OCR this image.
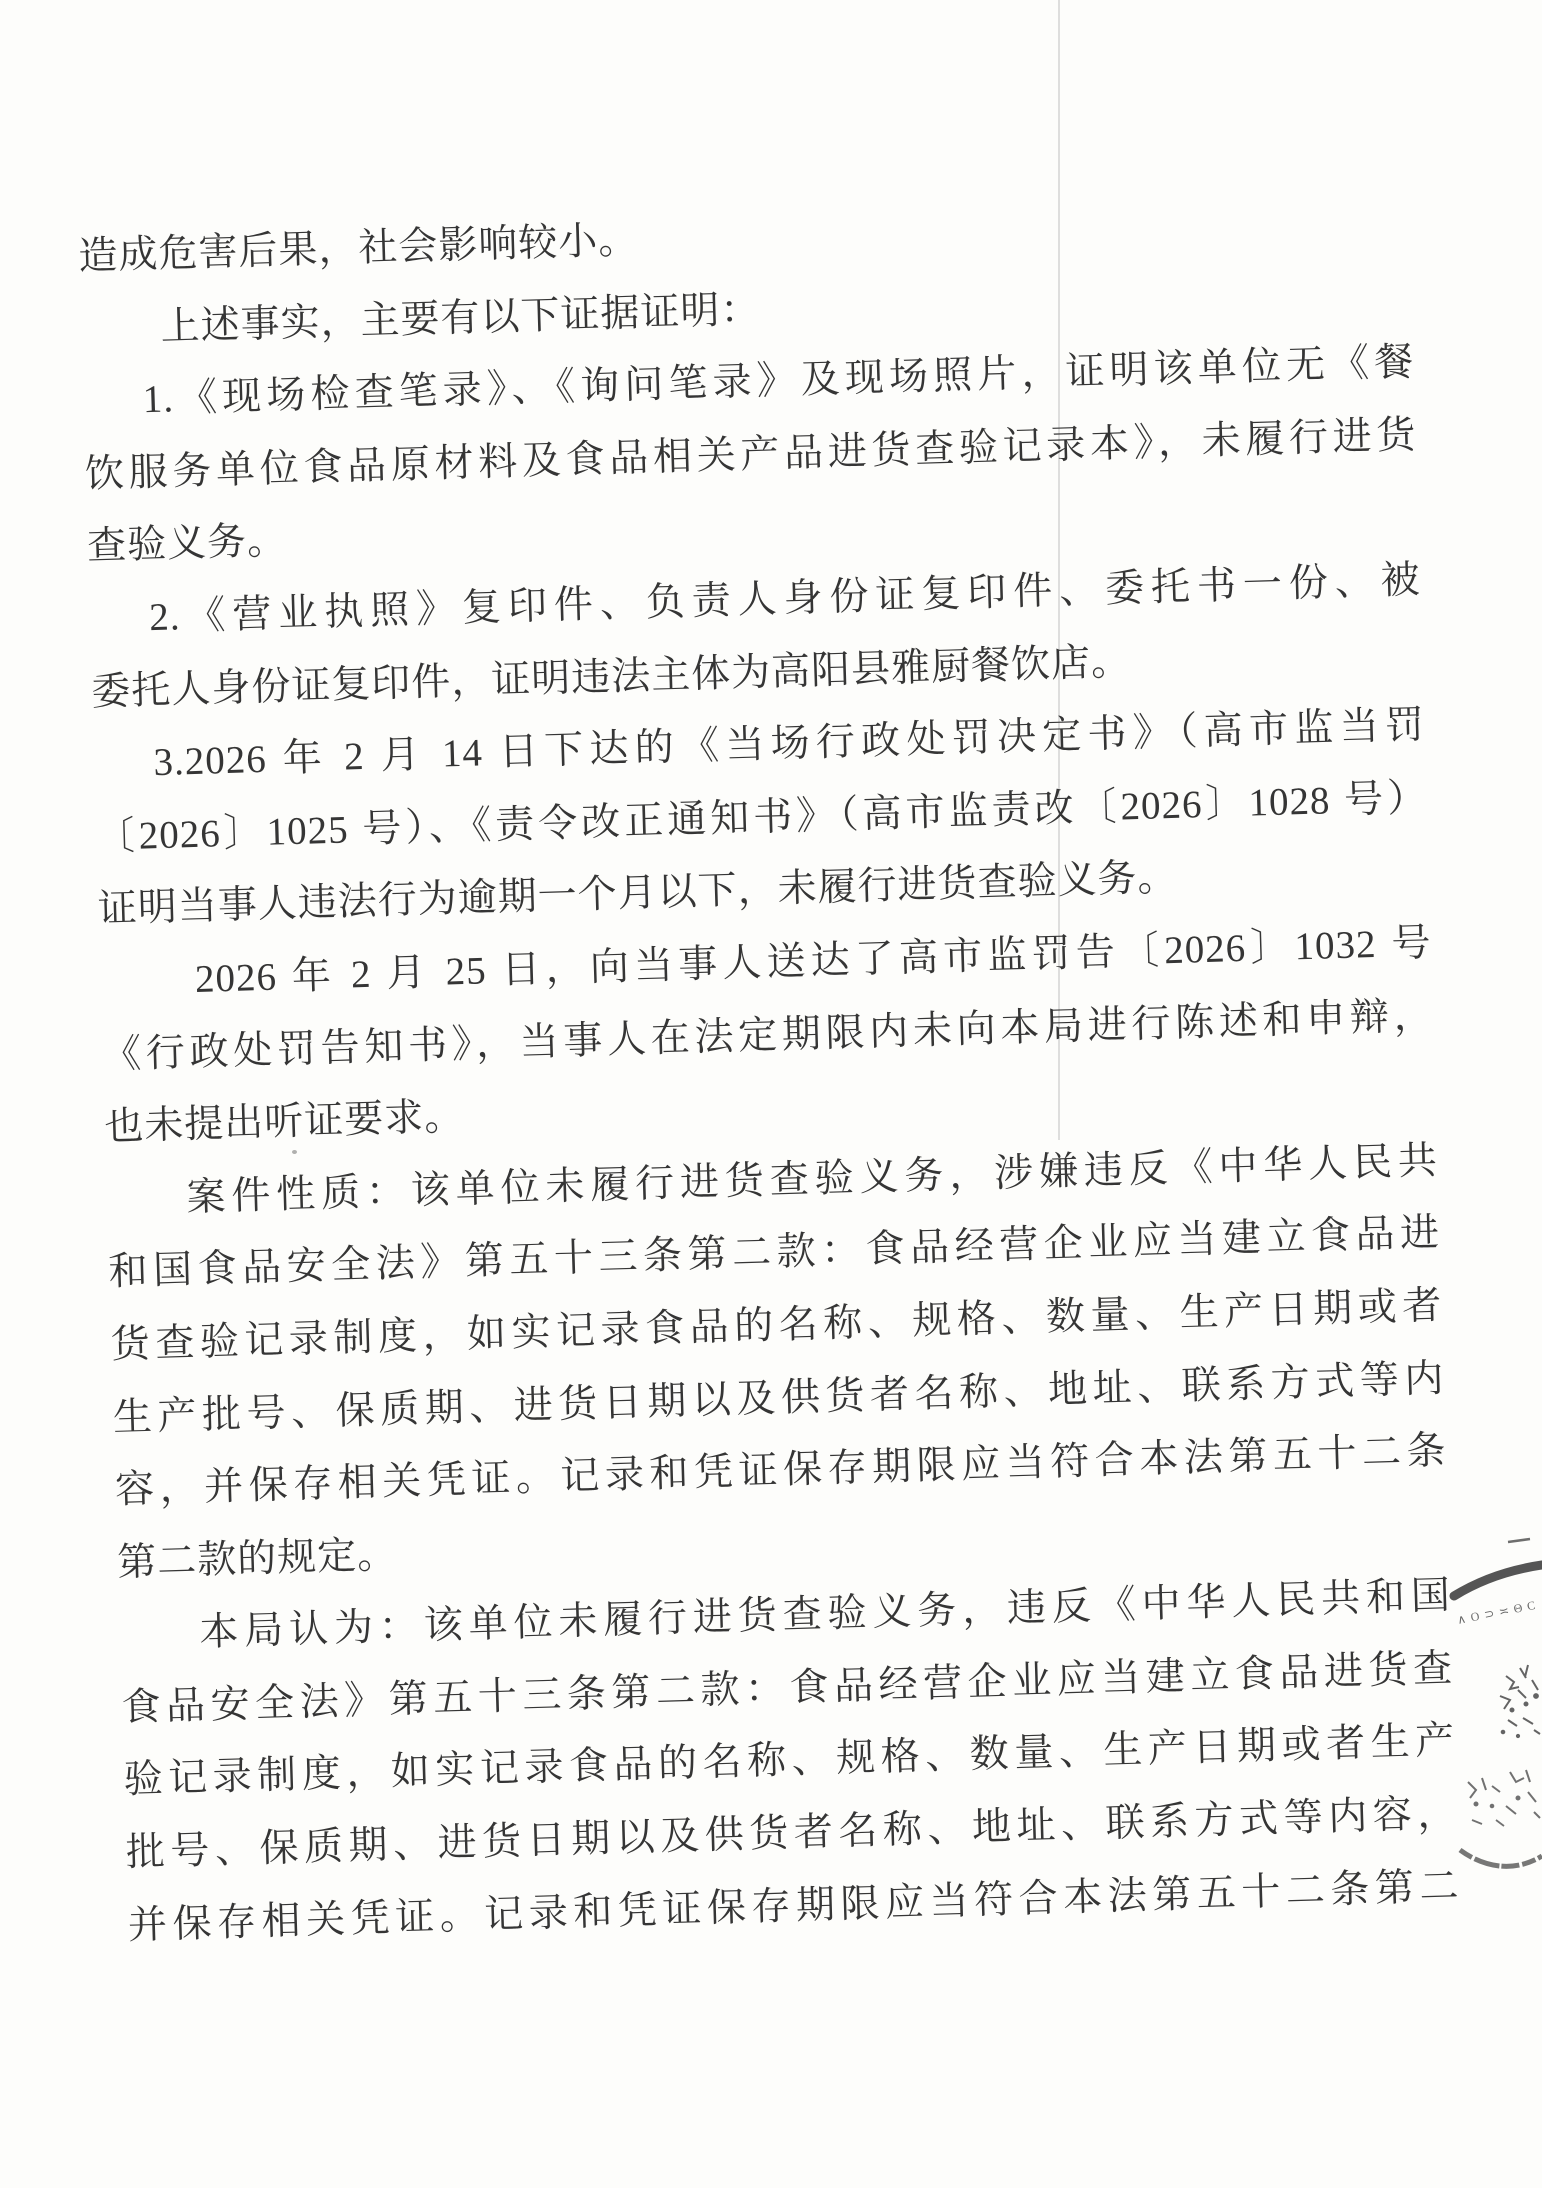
造成危害后果，社会影响较小。
上述事实，主要有以下证据证明：
1.《现场检查笔录》、《询问笔录》及现场照片，证明该单位无《餐
饮服务单位食品原材料及食品相关产品进货查验记录本》，未履行进货
查验义务。
2.《营业执照》复印件、负责人身份证复印件、委托书一份、被
委托人身份证复印件，证明违法主体为高阳县雅厨餐饮店。
3.2026 年 2 月 14 日下达的《当场行政处罚决定书》（高市监当罚
〔2026〕1025 号）、《责令改正通知书》（高市监责改〔2026〕1028 号）
证明当事人违法行为逾期一个月以下，未履行进货查验义务。
2026 年 2 月 25 日，向当事人送达了高市监罚告〔2026〕1032 号
《行政处罚告知书》，当事人在法定期限内未向本局进行陈述和申辩，
也未提出听证要求。
案件性质：该单位未履行进货查验义务，涉嫌违反《中华人民共
和国食品安全法》第五十三条第二款：食品经营企业应当建立食品进
货查验记录制度，如实记录食品的名称、规格、数量、生产日期或者
生产批号、保质期、进货日期以及供货者名称、地址、联系方式等内
容，并保存相关凭证。记录和凭证保存期限应当符合本法第五十二条
第二款的规定。
本局认为：该单位未履行进货查验义务，违反《中华人民共和国
食品安全法》第五十三条第二款：食品经营企业应当建立食品进货查
验记录制度，如实记录食品的名称、规格、数量、生产日期或者生产
批号、保质期、进货日期以及供货者名称、地址、联系方式等内容，
并保存相关凭证。记录和凭证保存期限应当符合本法第五十二条第二
∧O⊃≍ΘC
